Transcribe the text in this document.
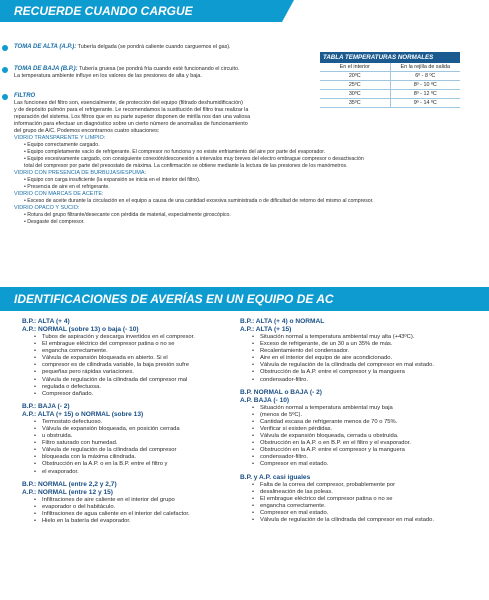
RECUERDE CUANDO CARGUE
TOMA DE ALTA (A.P.): Tubería delgada (se pondrá caliente cuando carguemos el gas).
TOMA DE BAJA (B.P.): Tubería gruesa (se pondrá fría cuando esté funcionando el circuito.
La temperatura ambiente influye en los valores de las presiones de alta y baja.
FILTRO
Las funciones del filtro son, esencialmente, de protección del equipo (filtrado deshumidificación)
y de depósito pulmón para el refrigerante. Le recomendamos la sustitución del filtro tras realizar la
reparación del sistema. Los filtros que en su parte superior disponen de mirilla nos dan una valiosa
información para efectuar un diagnóstico sobre un cierto número de anomalías de funcionamiento
del grupo de A/C. Podemos encontrarnos cuatro situaciones:
VIDRIO TRANSPARENTE Y LIMPIO:
• Equipo correctamente cargado.
• Equipo completamente vacío de refrigerante. El compresor no funciona y no existe enfriamiento del aire por parte del evaporador.
• Equipo excesivamente cargado, con consiguiente conexión/desconexión a intervalos muy breves del electro embrague compresor o desactivación
total del compresor por parte del presostato de máxima. La confirmación se obtiene mediante la lectura de las presiones de los manómetros.
VIDRIO CON PRESENCIA DE BURBUJAS/ESPUMA:
• Equipo con carga insuficiente (la expansión se inicia en el interior del filtro).
• Presencia de aire en el refrigerante.
VIDRIO CON MARCAS DE ACEITE:
• Exceso de aceite durante la circulación en el equipo a causa de una cantidad excesiva suministrada o de dificultad de retorno del mismo al compresor.
VIDRIO OPACO Y SUCIO:
• Rotura del grupo filtrante/desecante con pérdida de material, especialmente giroscópico.
• Desgaste del compresor.
TABLA TEMPERATURAS NORMALES
En el interior	En la rejilla de salida
20ºC	6º - 8 ºC
25ºC	8º - 10 ºC
30ºC	8º - 12 ºC
35ºC	9º - 14 ºC
IDENTIFICACIONES DE AVERÍAS EN UN EQUIPO DE AC
B.P.: ALTA (+ 4)
A.P.: NORMAL (sobre 13) o baja (- 10)
• Tubos de aspiración y descarga invertidos en el compresor.
• El embrague eléctrico del compresor patina o no se
• engancha correctamente.
• Válvula de expansión bloqueada en abierto. Si el
• compresor es de cilindrada variable, la baja presión sufre
• pequeñas pero rápidas variaciones.
• Válvula de regulación de la cilindrada del compresor mal
• regulada o defectuosa.
• Compresor dañado.
B.P.: BAJA (- 2)
A.P.: ALTA (+ 15) o NORMAL (sobre 13)
• Termostato defectuoso.
• Válvula de expansión bloqueada, en posición cerrada
• u obstruida.
• Filtro saturado con humedad.
• Válvula de regulación de la cilindrada del compresor
• bloqueada con la máxima cilindrada.
• Obstrucción en la A.P. o en la B.P. entre el filtro y
• el evaporador.
B.P.: NORMAL (entre 2,2 y 2,7)
A.P.: NORMAL (entre 12 y 15)
• Infiltraciones de aire caliente en el interior del grupo
• evaporador o del habitáculo.
• Infiltraciones de agua caliente en el interior del calefactor.
• Hielo en la batería del evaporador.
B.P.: ALTA (+ 4) o NORMAL
A.P.: ALTA (+ 15)
• Situación normal a temperatura ambiental muy alta (+43ºC).
• Exceso de refrigerante, de un 30 a un 35% de más.
• Recalentamiento del condensador.
• Aire en el interior del equipo de aire acondicionado.
• Válvula de regulación de la cilindrada del compresor en mal estado.
• Obstrucción de la A.P. entre el compresor y la manguera
• condensador-filtro.
B.P. NORMAL o BAJA (- 2)
A.P. BAJA (- 10)
• Situación normal a temperatura ambiental muy baja
• (menos de 5ºC).
• Cantidad escasa de refrigerante menos de 70 o 75%.
• Verificar si existen pérdidas.
• Válvula de expansión bloqueada, cerrada u obstruida.
• Obstrucción en la A.P. o en B.P. en el filtro y el evaporador.
• Obstrucción en la A.P. entre el compresor y la manguera
• condensador-filtro.
• Compresor en mal estado.
B.P. y A.P. casi iguales
• Falta de la correa del compresor, probablemente por
• desalineación de las poleas.
• El embrague eléctrico del compresor patina o no se
• engancha correctamente.
• Compresor en mal estado.
• Válvula de regulación de la cilindrada del compresor en mal estado.
